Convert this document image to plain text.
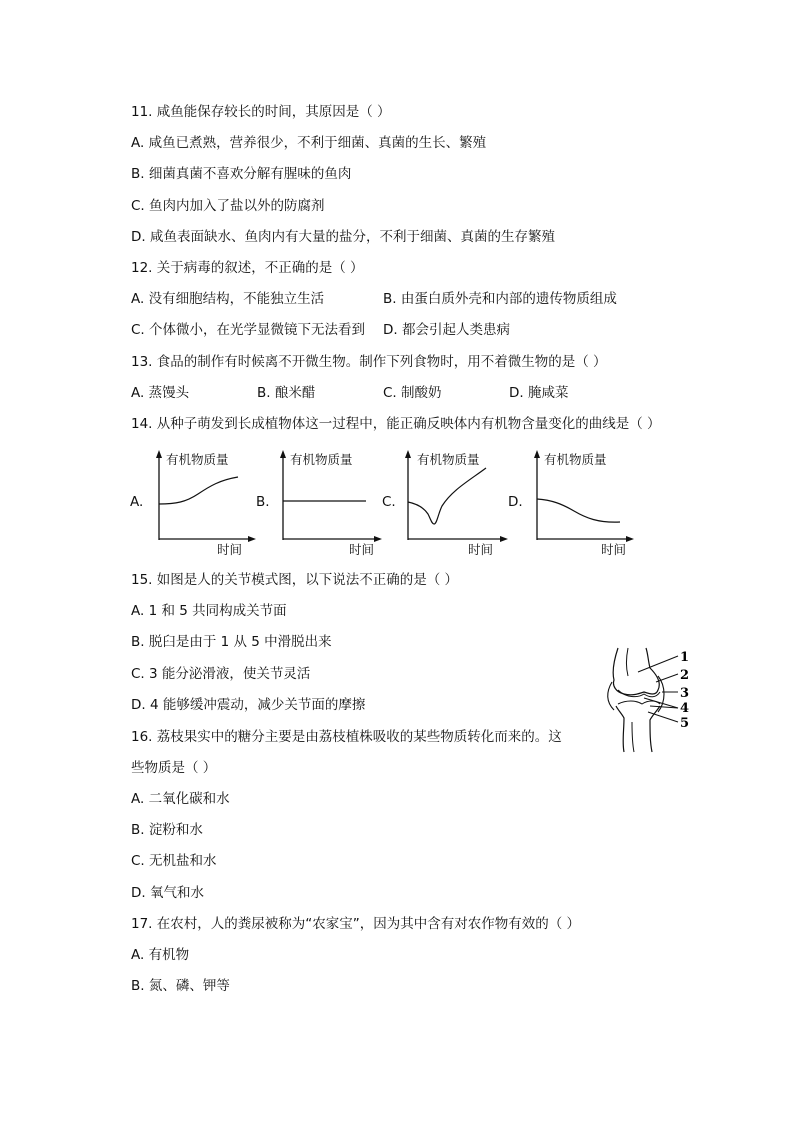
11. 咸鱼能保存较长的时间，其原因是（ ）
A. 咸鱼已煮熟，营养很少，不利于细菌、真菌的生长、繁殖
B. 细菌真菌不喜欢分解有腥味的鱼肉
C. 鱼肉内加入了盐以外的防腐剂
D. 咸鱼表面缺水、鱼肉内有大量的盐分，不利于细菌、真菌的生存繁殖
12. 关于病毒的叙述，不正确的是（ ）
A. 没有细胞结构，不能独立生活	B. 由蛋白质外壳和内部的遗传物质组成
C. 个体微小，在光学显微镜下无法看到 D. 都会引起人类患病
13. 食品的制作有时候离不开微生物。制作下列食物时，用不着微生物的是（ ）
A. 蒸馒头	B. 酿米醋	C. 制酸奶	D. 腌咸菜
14. 从种子萌发到长成植物体这一过程中，能正确反映体内有机物含量变化的曲线是（ ）
A.
有机物质量
时间
B.
有机物质量
时间
C.
有机物质量
时间
D.
有机物质量
时间
15. 如图是人的关节模式图，以下说法不正确的是（ ）
A. 1 和 5 共同构成关节面
B. 脱臼是由于 1 从 5 中滑脱出来
C. 3 能分泌滑液，使关节灵活
D. 4 能够缓冲震动，减少关节面的摩擦
1
2
3
4
5
16. 荔枝果实中的糖分主要是由荔枝植株吸收的某些物质转化而来的。这
些物质是（ ）
A. 二氧化碳和水
B. 淀粉和水
C. 无机盐和水
D. 氧气和水
17. 在农村，人的粪尿被称为“农家宝”，因为其中含有对农作物有效的（ ）
A. 有机物
B. 氮、磷、钾等
